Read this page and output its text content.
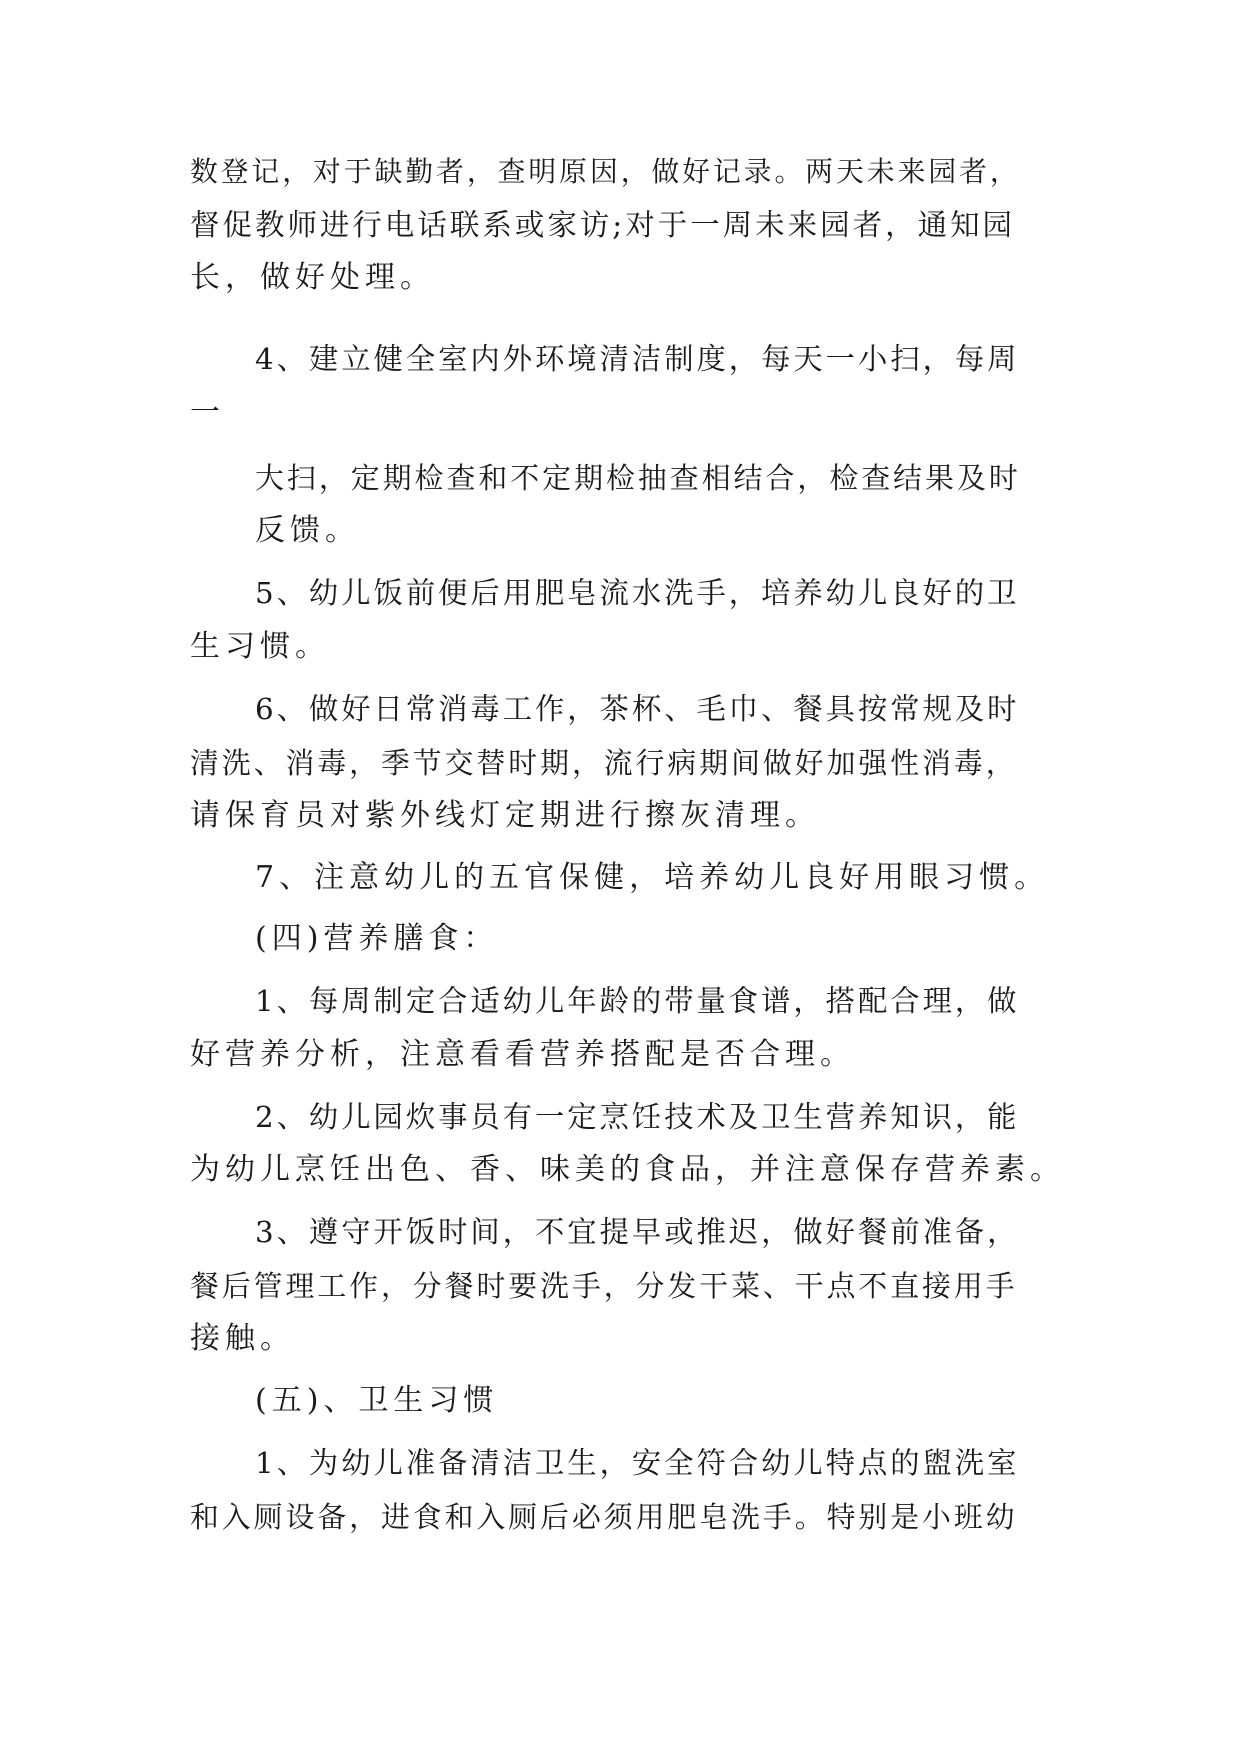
数登记，对于缺勤者，查明原因，做好记录。两天未来园者，
督促教师进行电话联系或家访;对于一周未来园者，通知园
长，做好处理。
4、建立健全室内外环境清洁制度，每天一小扫，每周
一
大扫，定期检查和不定期检抽查相结合，检查结果及时
反馈。
5、幼儿饭前便后用肥皂流水洗手，培养幼儿良好的卫
生习惯。
6、做好日常消毒工作，茶杯、毛巾、餐具按常规及时
清洗、消毒，季节交替时期，流行病期间做好加强性消毒，
请保育员对紫外线灯定期进行擦灰清理。
7、注意幼儿的五官保健，培养幼儿良好用眼习惯。
(四)营养膳食：
1、每周制定合适幼儿年龄的带量食谱，搭配合理，做
好营养分析，注意看看营养搭配是否合理。
2、幼儿园炊事员有一定烹饪技术及卫生营养知识，能
为幼儿烹饪出色、香、味美的食品，并注意保存营养素。
3、遵守开饭时间，不宜提早或推迟，做好餐前准备，
餐后管理工作，分餐时要洗手，分发干菜、干点不直接用手
接触。
(五)、卫生习惯
1、为幼儿准备清洁卫生，安全符合幼儿特点的盥洗室
和入厕设备，进食和入厕后必须用肥皂洗手。特别是小班幼
